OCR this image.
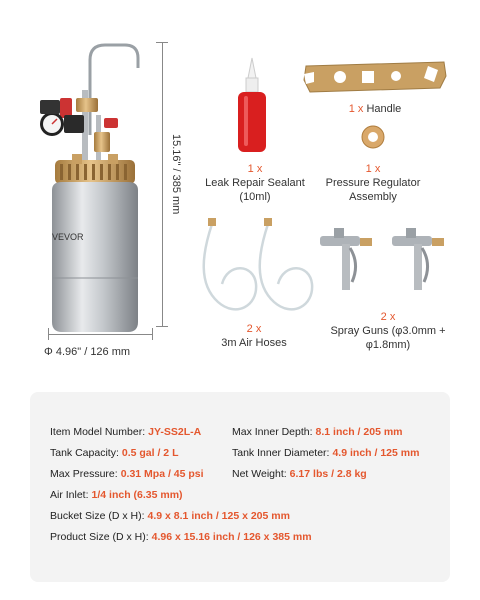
VEVOR
15.16" / 385 mm
Φ 4.96" / 126 mm
1 x
Leak Repair Sealant (10ml)
1 x Handle
1 x
Pressure Regulator Assembly
2 x
3m Air Hoses
2 x
Spray Guns (φ3.0mm + φ1.8mm)
Item Model Number: JY-SS2L-A	Max Inner Depth: 8.1 inch / 205 mm
Tank Capacity: 0.5 gal / 2 L	Tank Inner Diameter: 4.9 inch / 125 mm
Max Pressure: 0.31 Mpa / 45 psi	Net Weight: 6.17 lbs / 2.8 kg
Air Inlet: 1/4 inch (6.35 mm)
Bucket Size (D x H): 4.9 x 8.1 inch / 125 x 205 mm
Product Size (D x H): 4.96 x 15.16 inch / 126 x 385 mm
